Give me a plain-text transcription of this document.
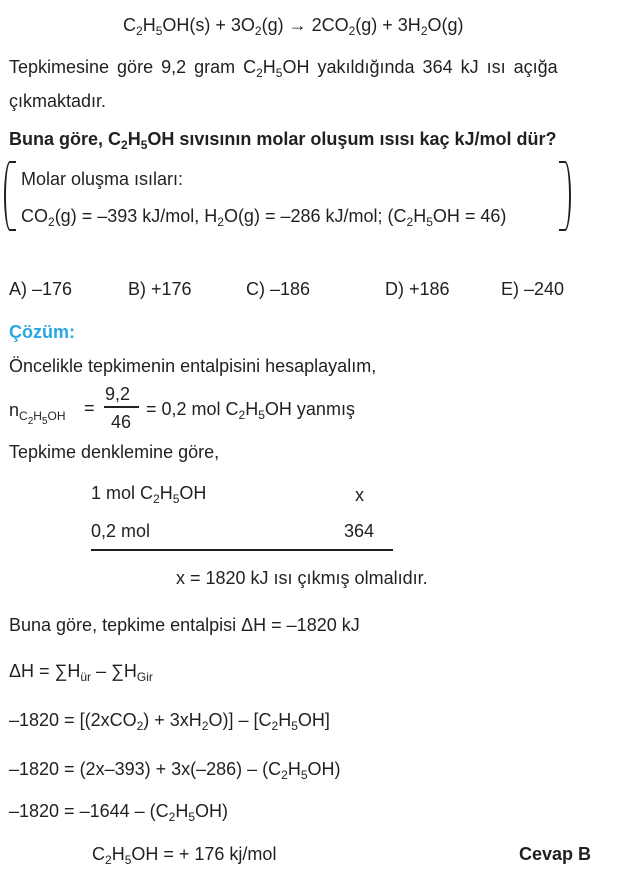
$C_2H_5OH(s) + 3O_2(g) \to 2CO_2(g) + 3H_2O(g)$
Tepkimesine göre 9,2 gram $C_2H_5OH$ yakıldığında 364 kJ ısı açığa
çıkmaktadır.
Buna göre, $C_2H_5OH$ sıvısının molar oluşum ısısı kaç kJ/mol dür?
Molar oluşma ısıları:
$CO_2(g) = -393$ kJ/mol, $H_2O(g) = -286$ kJ/mol; $(C_2H_5OH = 46)$
A) –176	B) +176	C) –186	D) +186	E) –240
Çözüm:
Öncelikle tepkimenin entalpisini hesaplayalım,
$n_{C_2H_5OH}$ =
9,2
46
= 0,2 mol $C_2H_5OH$ yanmış
Tepkime denklemine göre,
1 mol $C_2H_5OH$	x
0,2 mol	364
x = 1820 kJ ısı çıkmış olmalıdır.
Buna göre, tepkime entalpisi ΔH = –1820 kJ
$\Delta H = \sum H_{ür} - \sum H_{Gir}$
$-1820 = [(2xCO_2) + 3xH_2O)] - [C_2H_5OH]$
$-1820 = (2x-393) + 3x(-286) - (C_2H_5OH)$
$-1820 = -1644 - (C_2H_5OH)$
$C_2H_5OH$ = + 176 kj/mol	Cevap B
